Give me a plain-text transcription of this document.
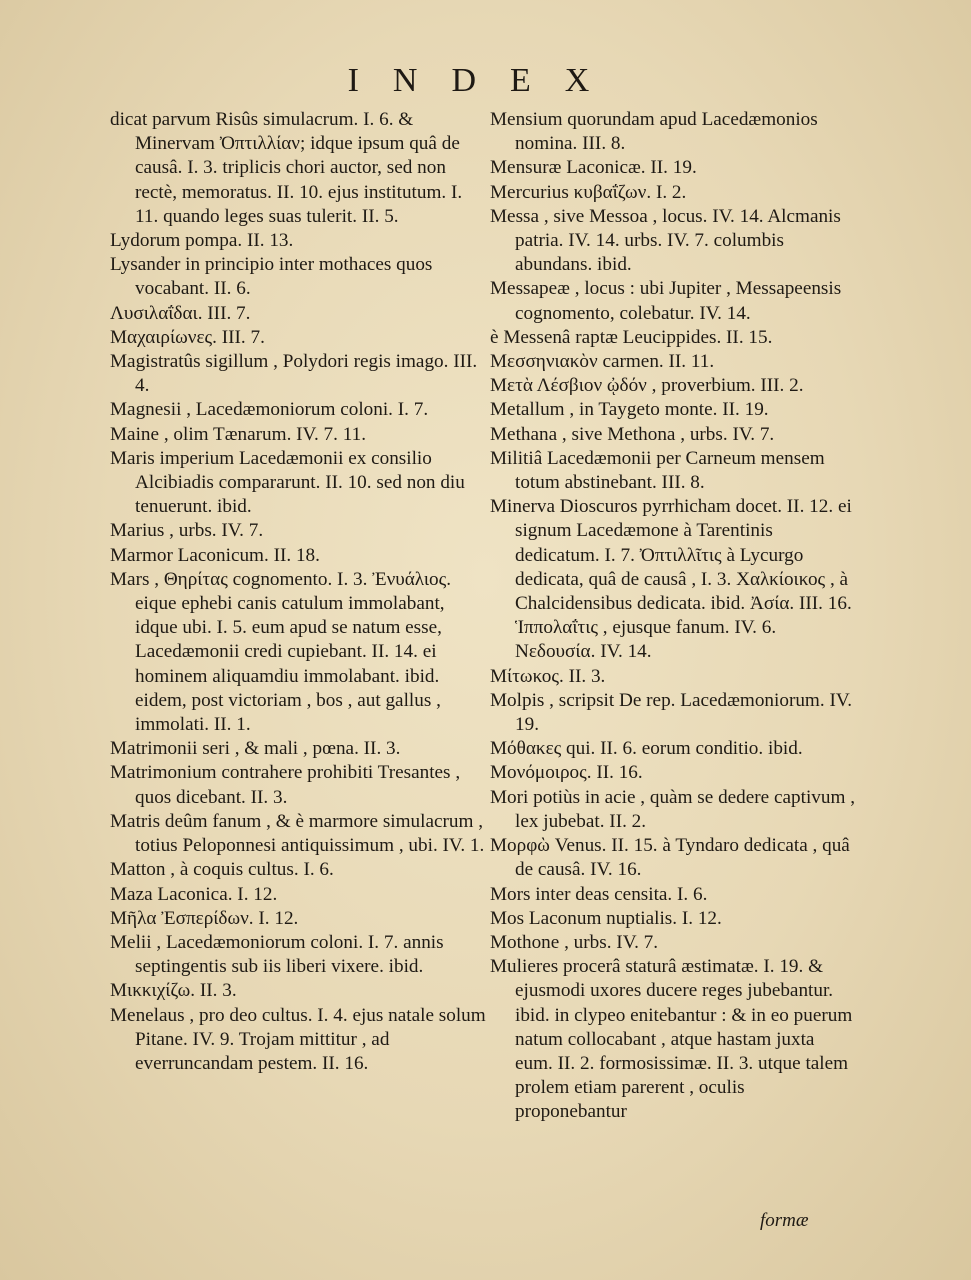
INDEX

dicat parvum Risûs simulacrum. I. 6. & Minervam Ὀπτιλλίαν; idque ipsum quâ de causâ. I. 3. triplicis chori auctor, sed non rectè, memoratus. II. 10. ejus institutum. I. 11. quando leges suas tulerit. II. 5.

Lydorum pompa. II. 13.

Lysander in principio inter mothaces quos vocabant. II. 6.

Λυσιλαΐδαι. III. 7.

Μαχαιρίωνες. III. 7.

Magistratûs sigillum , Polydori regis imago. III. 4.

Magnesii , Lacedæmoniorum coloni. I. 7.

Maine , olim Tænarum. IV. 7. 11.

Maris imperium Lacedæmonii ex consilio Alcibiadis compararunt. II. 10. sed non diu tenuerunt. ibid.

Marius , urbs. IV. 7.

Marmor Laconicum. II. 18.

Mars , Θηρίτας cognomento. I. 3. Ἐνυάλιος. eique ephebi canis catulum immolabant, idque ubi. I. 5. eum apud se natum esse, Lacedæmonii credi cupiebant. II. 14. ei hominem aliquamdiu immolabant. ibid. eidem, post victoriam , bos , aut gallus , immolati. II. 1.

Matrimonii seri , & mali , pœna. II. 3.

Matrimonium contrahere prohibiti Tresantes , quos dicebant. II. 3.

Matris deûm fanum , & è marmore simulacrum , totius Peloponnesi antiquissimum , ubi. IV. 1.

Matton , à coquis cultus. I. 6.

Maza Laconica. I. 12.

Μῆλα Ἐσπερίδων. I. 12.

Melii , Lacedæmoniorum coloni. I. 7. annis septingentis sub iis liberi vixere. ibid.

Μικκιχίζω. II. 3.

Menelaus , pro deo cultus. I. 4. ejus natale solum Pitane. IV. 9. Trojam mittitur , ad everruncandam pestem. II. 16.

Mensium quorundam apud Lacedæmonios nomina. III. 8.

Mensuræ Laconicæ. II. 19.

Mercurius κυβαΐζων. I. 2.

Messa , sive Messoa , locus. IV. 14. Alcmanis patria. IV. 14. urbs. IV. 7. columbis abundans. ibid.

Messapeæ , locus : ubi Jupiter , Messapeensis cognomento, colebatur. IV. 14.

è Messenâ raptæ Leucippides. II. 15.

Μεσσηνιακὸν carmen. II. 11.

Μετὰ Λέσβιον ᾠδόν , proverbium. III. 2.

Metallum , in Taygeto monte. II. 19.

Methana , sive Methona , urbs. IV. 7.

Militiâ Lacedæmonii per Carneum mensem totum abstinebant. III. 8.

Minerva Dioscuros pyrrhicham docet. II. 12. ei signum Lacedæmone à Tarentinis dedicatum. I. 7. Ὀπτιλλῖτις à Lycurgo dedicata, quâ de causâ , I. 3. Χαλκίοικος , à Chalcidensibus dedicata. ibid. Ἀσία. III. 16. Ἱππολαΐτις , ejusque fanum. IV. 6. Νεδουσία. IV. 14.

Μίτωκος. II. 3.

Molpis , scripsit De rep. Lacedæmoniorum. IV. 19.

Μόθακες qui. II. 6. eorum conditio. ibid.

Μονόμοιρος. II. 16.

Mori potiùs in acie , quàm se dedere captivum , lex jubebat. II. 2.

Μορφὼ Venus. II. 15. à Tyndaro dedicata , quâ de causâ. IV. 16.

Mors inter deas censita. I. 6.

Mos Laconum nuptialis. I. 12.

Mothone , urbs. IV. 7.

Mulieres procerâ staturâ æstimatæ. I. 19. & ejusmodi uxores ducere reges jubebantur. ibid. in clypeo enitebantur : & in eo puerum natum collocabant , atque hastam juxta eum. II. 2. formosissimæ. II. 3. utque talem prolem etiam parerent , oculis proponebantur

formæ
